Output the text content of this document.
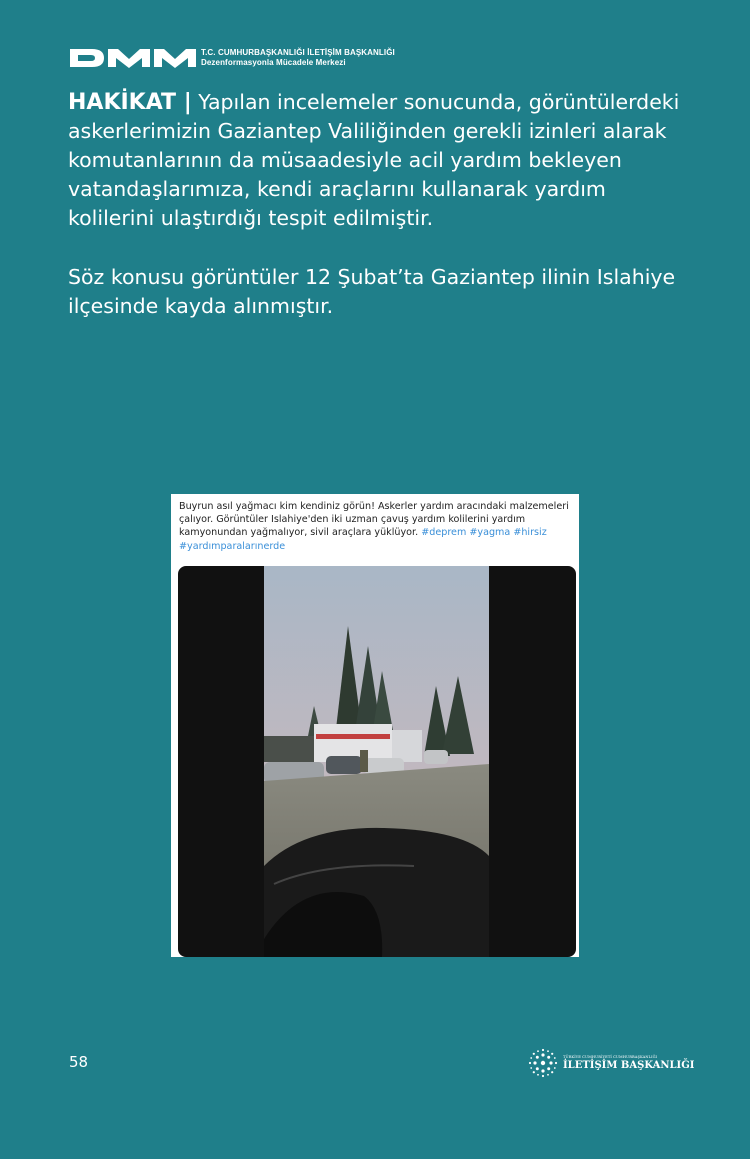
T.C. CUMHURBAŞKANLIĞI İLETİŞİM BAŞKANLIĞI
Dezenformasyonla Mücadele Merkezi

HAKİKAT | Yapılan incelemeler sonucunda, görüntülerdeki askerlerimizin Gaziantep Valiliğinden gerekli izinleri alarak komutanlarının da müsaadesiyle acil yardım bekleyen vatandaşlarımıza, kendi araçlarını kullanarak yardım kolilerini ulaştırdığı tespit edilmiştir.

Söz konusu görüntüler 12 Şubat’ta Gaziantep ilinin Islahiye ilçesinde kayda alınmıştır.

Buyrun asıl yağmacı kim kendiniz görün! Askerler yardım aracındaki malzemeleri çalıyor. Görüntüler Islahiye'den iki uzman çavuş yardım kolilerini yardım kamyonundan yağmalıyor, sivil araçlara yüklüyor. #deprem #yagma #hirsiz #yardımparalarınerde
58	TÜRKİYE CUMHURİYETİ CUMHURBAŞKANLIĞI
İLETİŞİM BAŞKANLIĞI
